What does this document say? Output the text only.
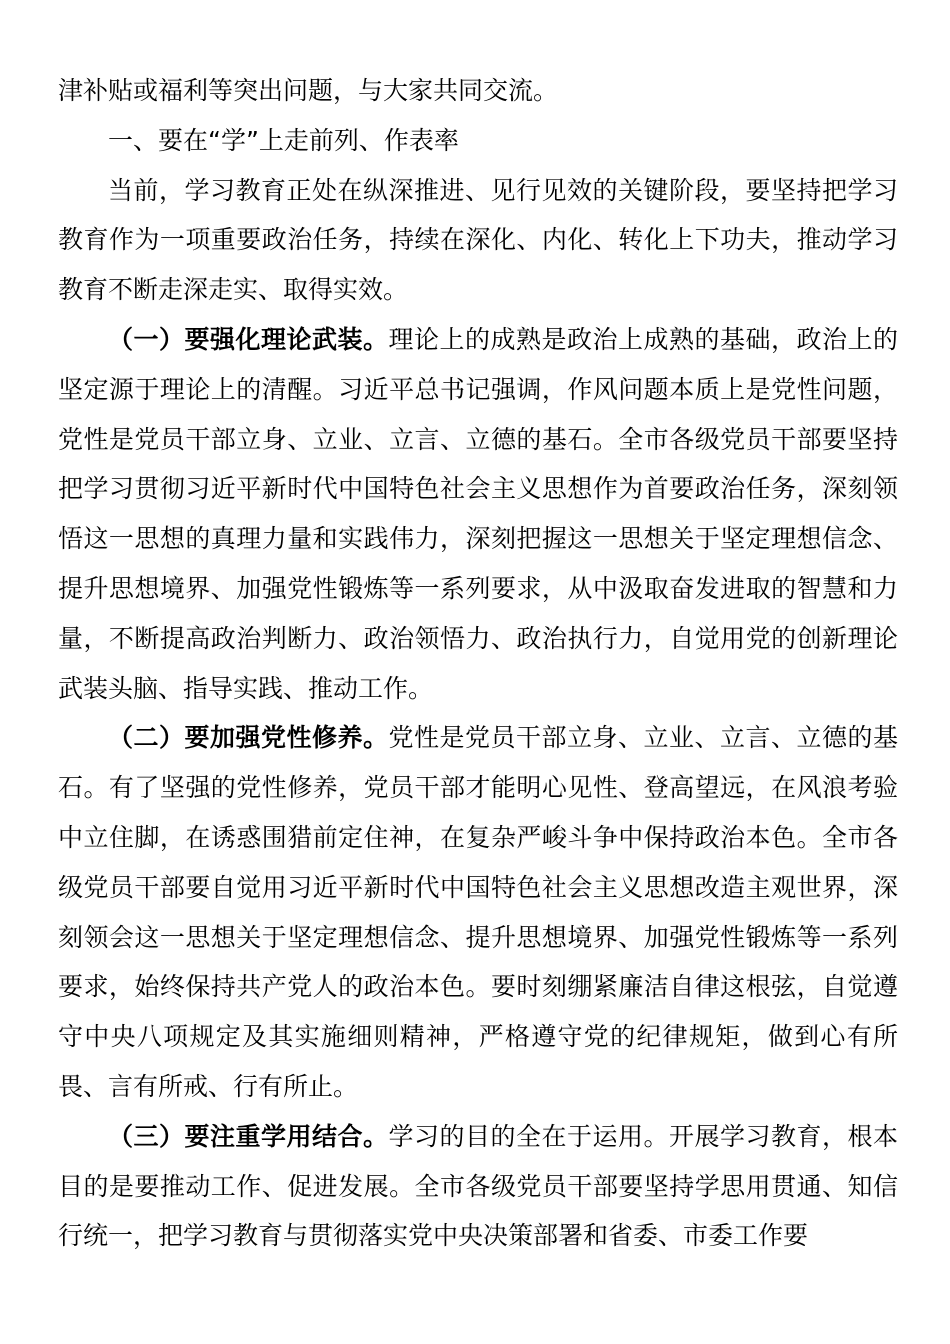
津补贴或福利等突出问题，与大家共同交流。

一、要在“学”上走前列、作表率

当前，学习教育正处在纵深推进、见行见效的关键阶段，要坚持把学习教育作为一项重要政治任务，持续在深化、内化、转化上下功夫，推动学习教育不断走深走实、取得实效。

（一）要强化理论武装。理论上的成熟是政治上成熟的基础，政治上的坚定源于理论上的清醒。习近平总书记强调，作风问题本质上是党性问题，党性是党员干部立身、立业、立言、立德的基石。全市各级党员干部要坚持把学习贯彻习近平新时代中国特色社会主义思想作为首要政治任务，深刻领悟这一思想的真理力量和实践伟力，深刻把握这一思想关于坚定理想信念、提升思想境界、加强党性锻炼等一系列要求，从中汲取奋发进取的智慧和力量，不断提高政治判断力、政治领悟力、政治执行力，自觉用党的创新理论武装头脑、指导实践、推动工作。

（二）要加强党性修养。党性是党员干部立身、立业、立言、立德的基石。有了坚强的党性修养，党员干部才能明心见性、登高望远，在风浪考验中立住脚，在诱惑围猎前定住神，在复杂严峻斗争中保持政治本色。全市各级党员干部要自觉用习近平新时代中国特色社会主义思想改造主观世界，深刻领会这一思想关于坚定理想信念、提升思想境界、加强党性锻炼等一系列要求，始终保持共产党人的政治本色。要时刻绷紧廉洁自律这根弦，自觉遵守中央八项规定及其实施细则精神，严格遵守党的纪律规矩，做到心有所畏、言有所戒、行有所止。

（三）要注重学用结合。学习的目的全在于运用。开展学习教育，根本目的是要推动工作、促进发展。全市各级党员干部要坚持学思用贯通、知信行统一，把学习教育与贯彻落实党中央决策部署和省委、市委工作要
